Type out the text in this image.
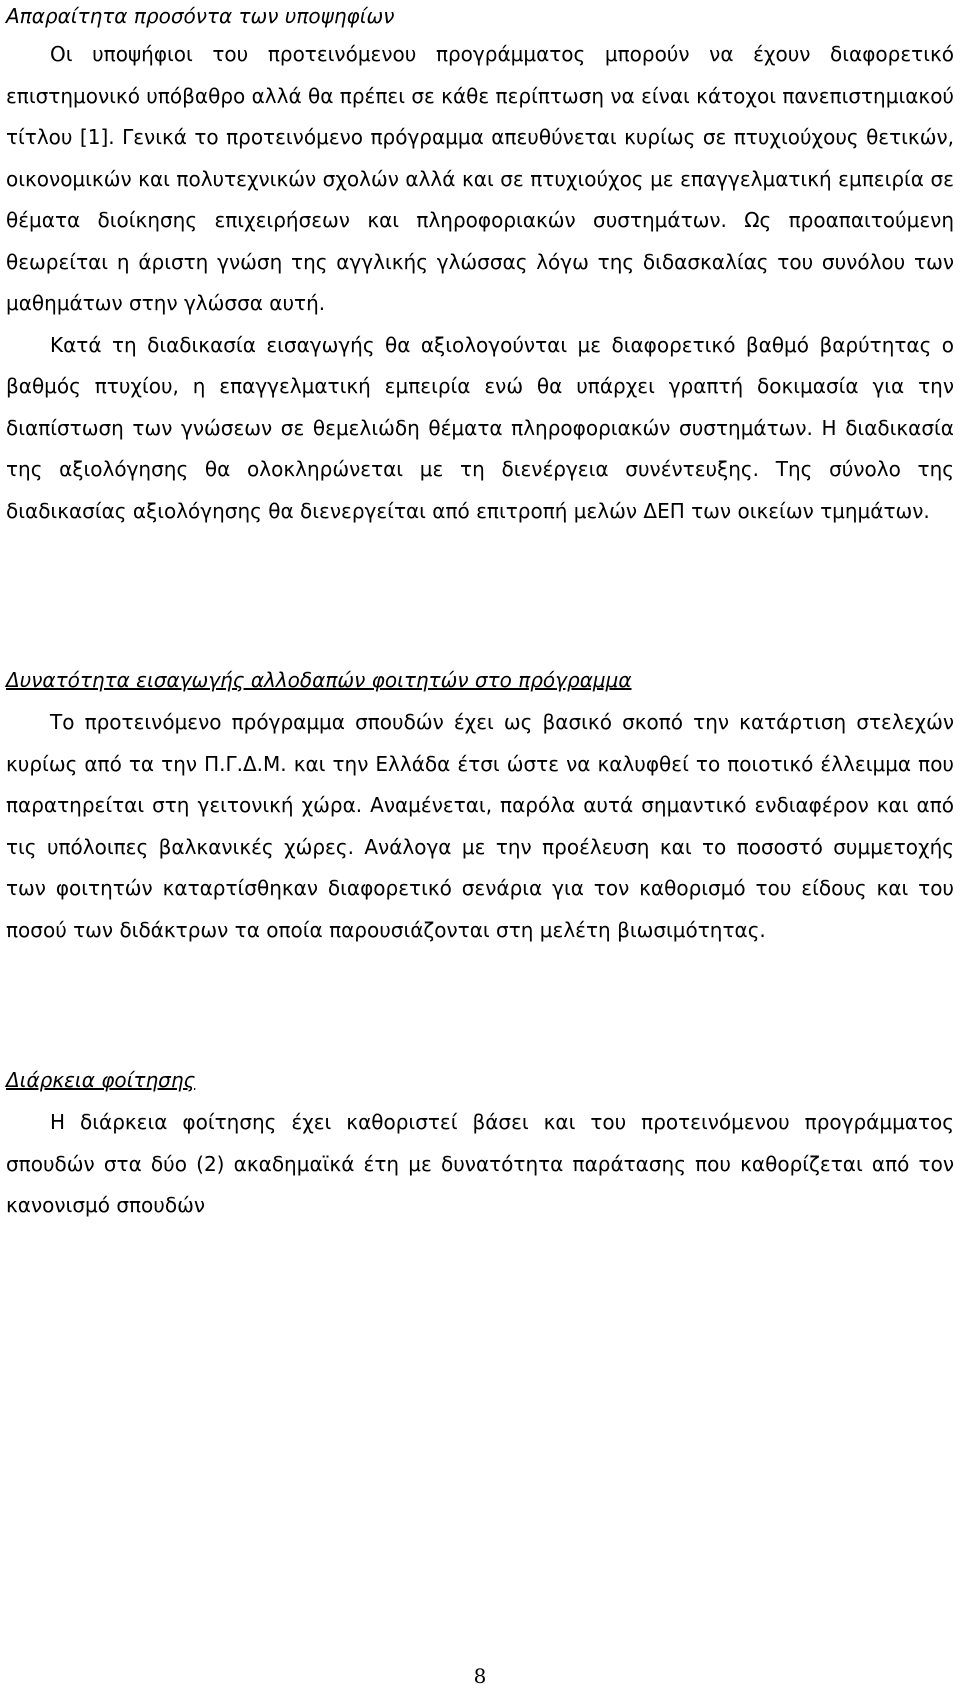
Απαραίτητα προσόντα των υποψηφίων

Οι υποψήφιοι του προτεινόμενου προγράμματος μπορούν να έχουν διαφορετικό επιστημονικό υπόβαθρο αλλά θα πρέπει σε κάθε περίπτωση να είναι κάτοχοι πανεπιστημιακού τίτλου [1]. Γενικά το προτεινόμενο πρόγραμμα απευθύνεται κυρίως σε πτυχιούχους θετικών, οικονομικών και πολυτεχνικών σχολών αλλά και σε πτυχιούχος με επαγγελματική εμπειρία σε θέματα διοίκησης επιχειρήσεων και πληροφοριακών συστημάτων. Ως προαπαιτούμενη θεωρείται η άριστη γνώση της αγγλικής γλώσσας λόγω της διδασκαλίας του συνόλου των μαθημάτων στην γλώσσα αυτή.

Κατά τη διαδικασία εισαγωγής θα αξιολογούνται με διαφορετικό βαθμό βαρύτητας ο βαθμός πτυχίου, η επαγγελματική εμπειρία ενώ θα υπάρχει γραπτή δοκιμασία για την διαπίστωση των γνώσεων σε θεμελιώδη θέματα πληροφοριακών συστημάτων. Η διαδικασία της αξιολόγησης θα ολοκληρώνεται με τη διενέργεια συνέντευξης. Της σύνολο της διαδικασίας αξιολόγησης θα διενεργείται από επιτροπή μελών ΔΕΠ των οικείων τμημάτων.

Δυνατότητα εισαγωγής αλλοδαπών φοιτητών στο πρόγραμμα

Το προτεινόμενο πρόγραμμα σπουδών έχει ως βασικό σκοπό την κατάρτιση στελεχών κυρίως από τα την Π.Γ.Δ.Μ. και την Ελλάδα έτσι ώστε να καλυφθεί το ποιοτικό έλλειμμα που παρατηρείται στη γειτονική χώρα. Αναμένεται, παρόλα αυτά σημαντικό ενδιαφέρον και από τις υπόλοιπες βαλκανικές χώρες. Ανάλογα με την προέλευση και το ποσοστό συμμετοχής των φοιτητών καταρτίσθηκαν διαφορετικό σενάρια για τον καθορισμό του είδους και του ποσού των διδάκτρων τα οποία παρουσιάζονται στη μελέτη βιωσιμότητας.

Διάρκεια φοίτησης

Η διάρκεια φοίτησης έχει καθοριστεί βάσει και του προτεινόμενου προγράμματος σπουδών στα δύο (2) ακαδημαϊκά έτη με δυνατότητα παράτασης που καθορίζεται από τον κανονισμό σπουδών

8
